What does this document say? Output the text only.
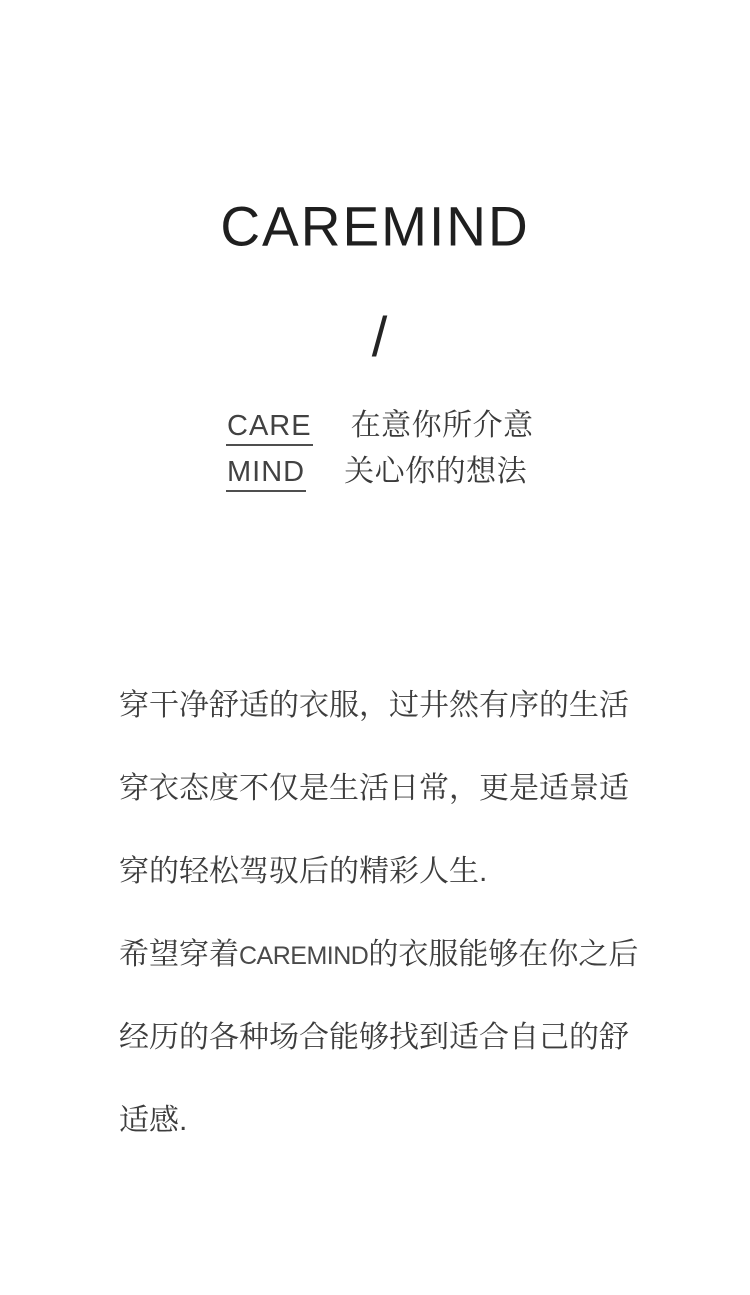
CAREMIND
/
CARE 在意你所介意
MIND 关心你的想法
穿干净舒适的衣服，过井然有序的生活
穿衣态度不仅是生活日常，更是适景适
穿的轻松驾驭后的精彩人生.
希望穿着CAREMIND的衣服能够在你之后
经历的各种场合能够找到适合自己的舒
适感.
